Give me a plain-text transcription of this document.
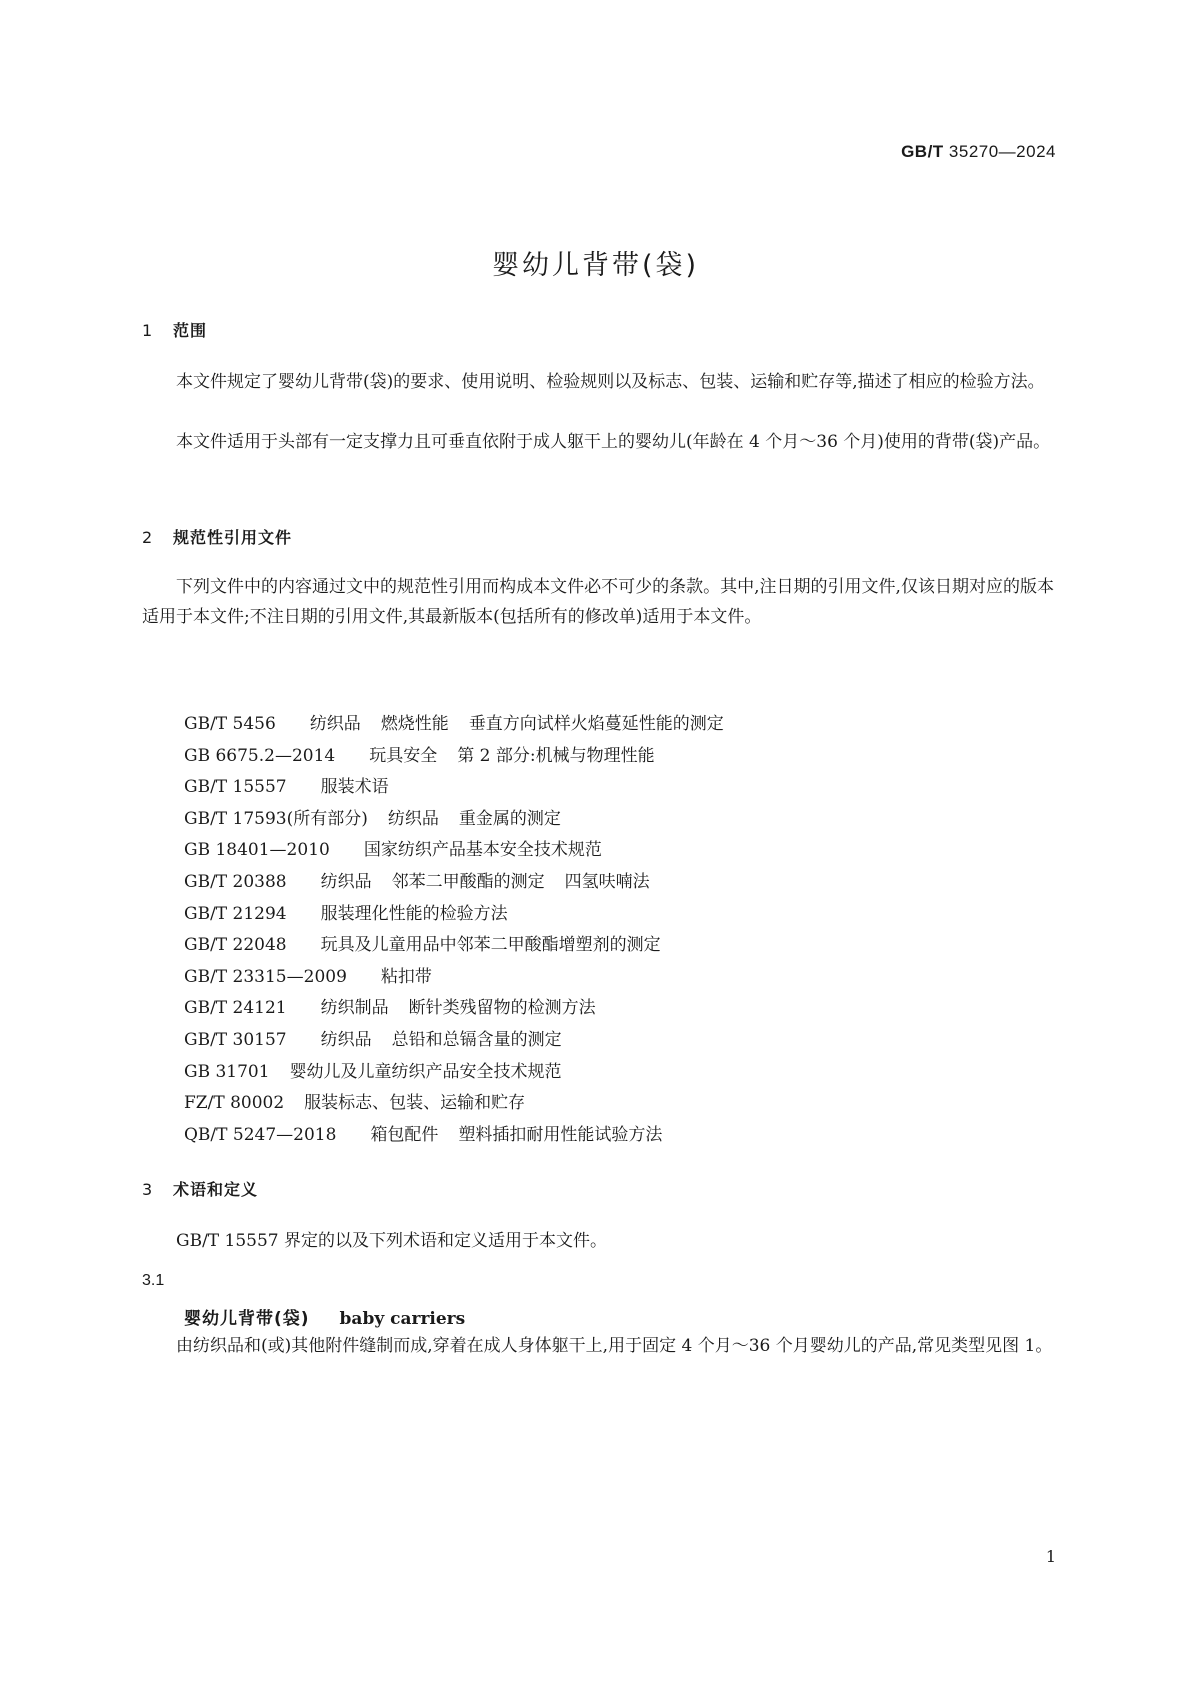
GB/T 35270—2024
婴幼儿背带(袋)
1 范围

本文件规定了婴幼儿背带(袋)的要求、使用说明、检验规则以及标志、包装、运输和贮存等,描述了相应的检验方法。

本文件适用于头部有一定支撑力且可垂直依附于成人躯干上的婴幼儿(年龄在 4 个月～36 个月)使用的背带(袋)产品。

2 规范性引用文件

下列文件中的内容通过文中的规范性引用而构成本文件必不可少的条款。其中,注日期的引用文件,仅该日期对应的版本适用于本文件;不注日期的引用文件,其最新版本(包括所有的修改单)适用于本文件。

GB/T 5456 纺织品 燃烧性能 垂直方向试样火焰蔓延性能的测定
GB 6675.2—2014 玩具安全 第 2 部分:机械与物理性能
GB/T 15557 服装术语
GB/T 17593(所有部分) 纺织品 重金属的测定
GB 18401—2010 国家纺织产品基本安全技术规范
GB/T 20388 纺织品 邻苯二甲酸酯的测定 四氢呋喃法
GB/T 21294 服装理化性能的检验方法
GB/T 22048 玩具及儿童用品中邻苯二甲酸酯增塑剂的测定
GB/T 23315—2009 粘扣带
GB/T 24121 纺织制品 断针类残留物的检测方法
GB/T 30157 纺织品 总铅和总镉含量的测定
GB 31701 婴幼儿及儿童纺织产品安全技术规范
FZ/T 80002 服装标志、包装、运输和贮存
QB/T 5247—2018 箱包配件 塑料插扣耐用性能试验方法
3 术语和定义

GB/T 15557 界定的以及下列术语和定义适用于本文件。

3.1
婴幼儿背带(袋) baby carriers

由纺织品和(或)其他附件缝制而成,穿着在成人身体躯干上,用于固定 4 个月～36 个月婴幼儿的产品,常见类型见图 1。

1
